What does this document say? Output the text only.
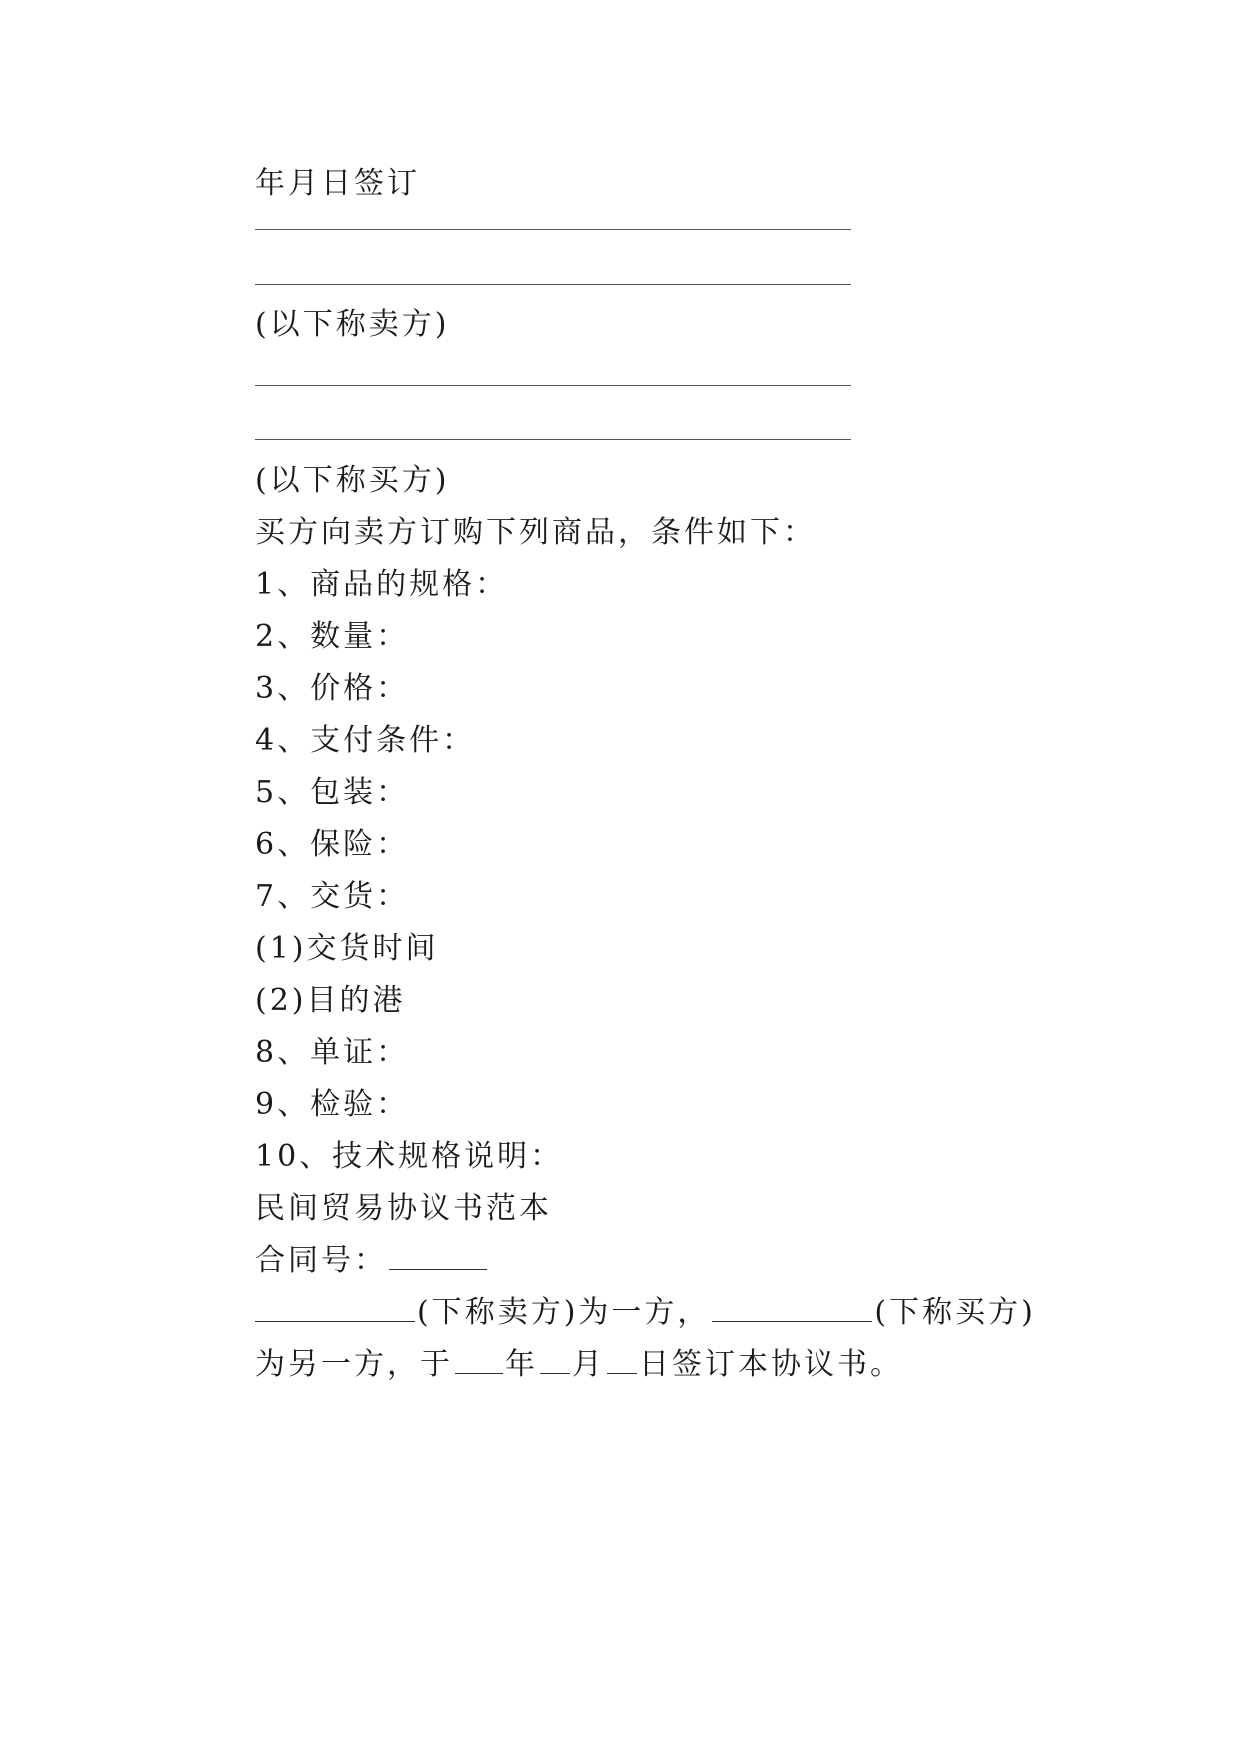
年月日签订
(以下称卖方)
(以下称买方)
买方向卖方订购下列商品，条件如下：
1、商品的规格：
2、数量：
3、价格：
4、支付条件：
5、包装：
6、保险：
7、交货：
(1)交货时间
(2)目的港
8、单证：
9、检验：
10、技术规格说明：
民间贸易协议书范本
合同号：
(下称卖方)为一方，	(下称买方)
为另一方，于 年 月 日签订本协议书。
